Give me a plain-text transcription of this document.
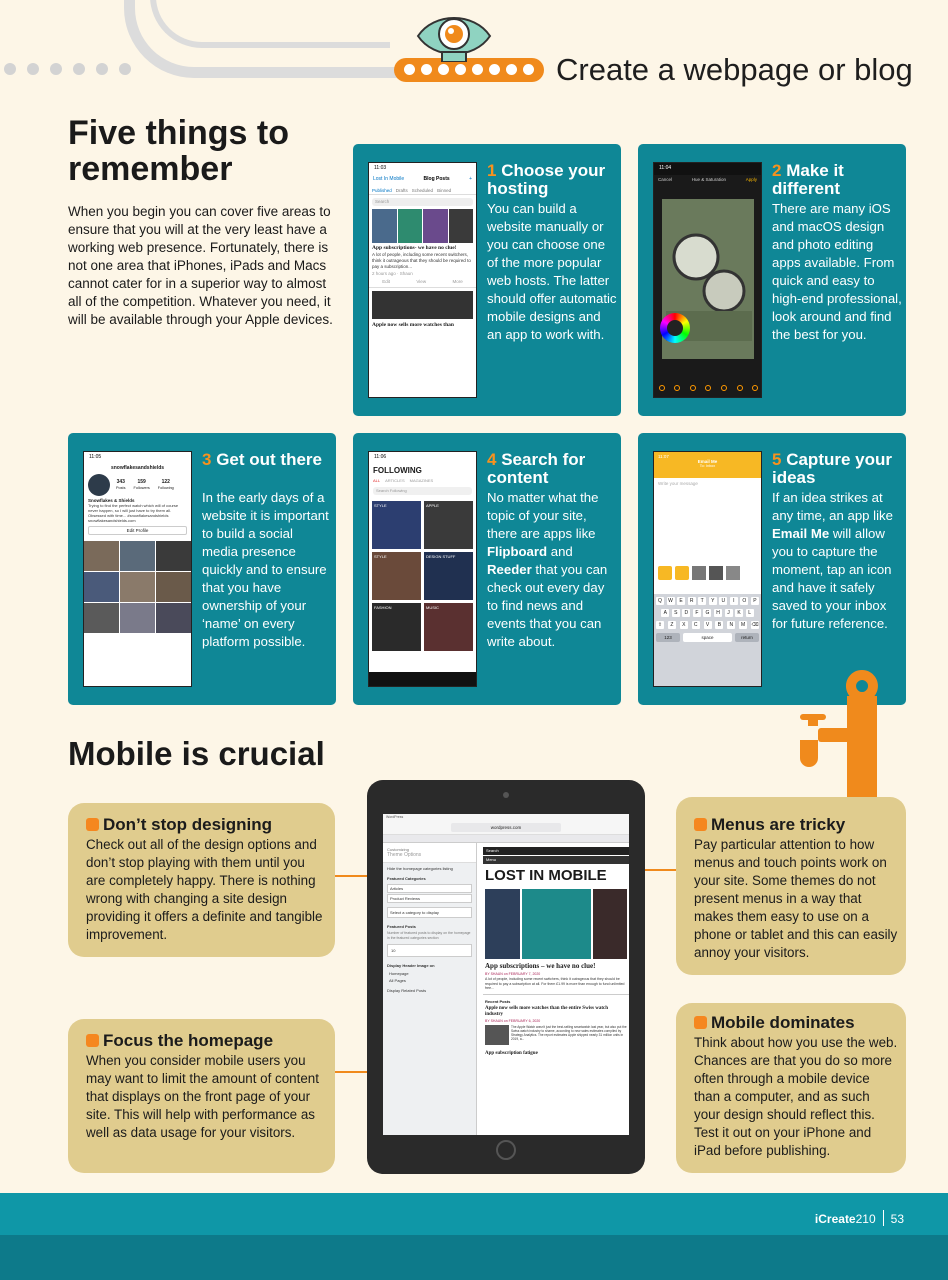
Create a webpage or blog
Five things to remember

When you begin you can cover five areas to ensure that you will at the very least have a working web presence. Fortunately, there is not one area that iPhones, iPads and Macs cannot cater for in a superior way to almost all of the competition. Whatever you need, it will be available through your Apple devices.

11:03
Lost In Mobile	Blog Posts	+
Published Drafts Scheduled Binned
Search
App subscriptions- we have no clue!
A lot of people, including some recent switchers, think it outrageous that they should be required to pay a subscription...
2 hours ago · Shaun
Edit	View	More
Apple now sells more watches than
1 Choose your hosting
You can build a website manually or you can choose one of the more popular web hosts. The latter should offer automatic mobile designs and an app to work with.
11:04
Cancel	Hue & Saturation	Apply 2 Make it different
There are many iOS and macOS design and photo editing apps available. From quick and easy to high-end professional, look around and find the best for you.
11:05
snowflakesandshields
343
Posts
159
Followers
122
Following
Snowflakes & Shields
Trying to find the perfect watch which will of course never happen, so I will just have to try them all. Obsessed with time... #snowflakesandshields snowflakesandshields.com
Edit Profile
3 Get out there
In the early days of a website it is important to build a social media presence quickly and to ensure that you have ownership of your ‘name’ on every platform possible.
11:06
FOLLOWING
ALL ARTICLES MAGAZINES
Search Following
STYLE	APPLE
STYLE	DESIGN STUFF
FASHION	MUSIC
4 Search for content
No matter what the topic of your site, there are apps like Flipboard and Reeder that you can check out every day to find news and events that you can write about.
11:07
Email Me
To: Inbox
Write your message
Q	W	E	R	T	Y	U	I	O	P
A	S	D	F	G	H	J	K	L
⇧	Z	X	C	V	B	N	M	⌫
123	space	return
5 Capture your ideas
If an idea strikes at any time, an app like Email Me will allow you to capture the moment, tap an icon and have it safely saved to your inbox for future reference.
Mobile is crucial
Don’t stop designing
Check out all of the design options and don’t stop playing with them until you are completely happy. There is nothing wrong with changing a site design providing it offers a definite and tangible improvement.
Focus the homepage
When you consider mobile users you may want to limit the amount of content that displays on the front page of your site. This will help with performance as well as data usage for your visitors.
Menus are tricky
Pay particular attention to how menus and touch points work on your site. Some themes do not present menus in a way that makes them easy to use on a phone or tablet and this can easily annoy your visitors.
Mobile dominates
Think about how you use the web. Chances are that you do so more often through a mobile device than a computer, and as such your design should reflect this. Test it out on your iPhone and iPad before publishing.
WordPress
wordpress.com
Customizing
Theme Options
Hide the homepage categories listing
Featured Categories
Articles
Product Reviews
Select a category to display
Featured Posts
Number of featured posts to display on the homepage in the featured categories section
10
Display Header Image on
Homepage
All Pages
Display Related Posts
Search
Menu
LOST IN MOBILE
App subscriptions – we have no clue!
BY SHAUN on FEBRUARY 7, 2020
A lot of people, including some recent switchers, think it outrageous that they should be required to pay a subscription at all. For them £1.99 is more than enough to fund unlimited free...
Recent Posts
Apple now sells more watches than the entire Swiss watch industry
BY SHAUN on FEBRUARY 6, 2020
The Apple Watch wasn't just the best-selling smartwatch last year, but also put the Swiss watch industry to shame, according to new sales estimates compiled by Strategy Analytics. The report estimates Apple shipped nearly 31 million units in 2019, a...
App subscription fatigue
iCreate210 53
